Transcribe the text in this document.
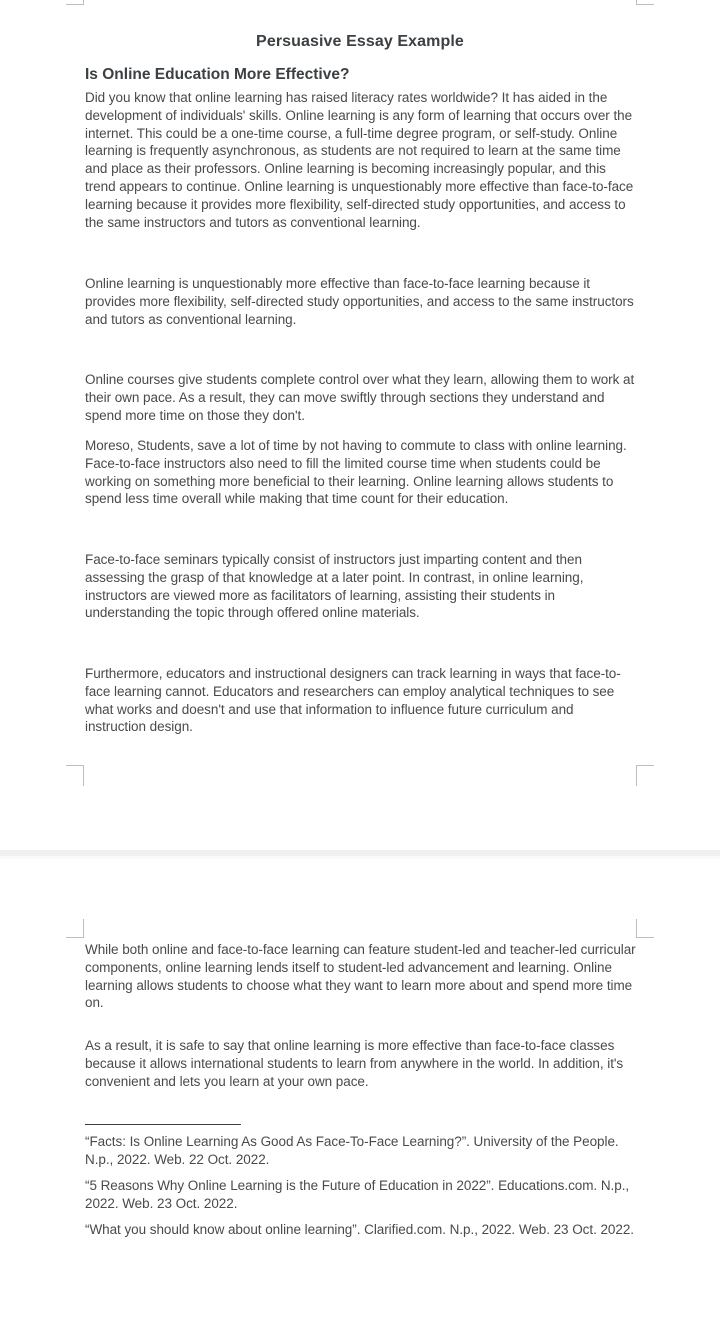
Persuasive Essay Example
Is Online Education More Effective?
Did you know that online learning has raised literacy rates worldwide? It has aided in the development of individuals' skills. Online learning is any form of learning that occurs over the internet. This could be a one-time course, a full-time degree program, or self-study. Online learning is frequently asynchronous, as students are not required to learn at the same time and place as their professors. Online learning is becoming increasingly popular, and this trend appears to continue. Online learning is unquestionably more effective than face-to-face learning because it provides more flexibility, self-directed study opportunities, and access to the same instructors and tutors as conventional learning.
Online learning is unquestionably more effective than face-to-face learning because it provides more flexibility, self-directed study opportunities, and access to the same instructors and tutors as conventional learning.
Online courses give students complete control over what they learn, allowing them to work at their own pace. As a result, they can move swiftly through sections they understand and spend more time on those they don't.
Moreso, Students, save a lot of time by not having to commute to class with online learning. Face-to-face instructors also need to fill the limited course time when students could be working on something more beneficial to their learning. Online learning allows students to spend less time overall while making that time count for their education.
Face-to-face seminars typically consist of instructors just imparting content and then assessing the grasp of that knowledge at a later point. In contrast, in online learning, instructors are viewed more as facilitators of learning, assisting their students in understanding the topic through offered online materials.
Furthermore, educators and instructional designers can track learning in ways that face-to-face learning cannot. Educators and researchers can employ analytical techniques to see what works and doesn't and use that information to influence future curriculum and instruction design.
While both online and face-to-face learning can feature student-led and teacher-led curricular components, online learning lends itself to student-led advancement and learning. Online learning allows students to choose what they want to learn more about and spend more time on.
As a result, it is safe to say that online learning is more effective than face-to-face classes because it allows international students to learn from anywhere in the world. In addition, it's convenient and lets you learn at your own pace.
“Facts: Is Online Learning As Good As Face-To-Face Learning?”. University of the People. N.p., 2022. Web. 22 Oct. 2022.
“5 Reasons Why Online Learning is the Future of Education in 2022”. Educations.com. N.p., 2022. Web. 23 Oct. 2022.
“What you should know about online learning”. Clarified.com. N.p., 2022. Web. 23 Oct. 2022.
